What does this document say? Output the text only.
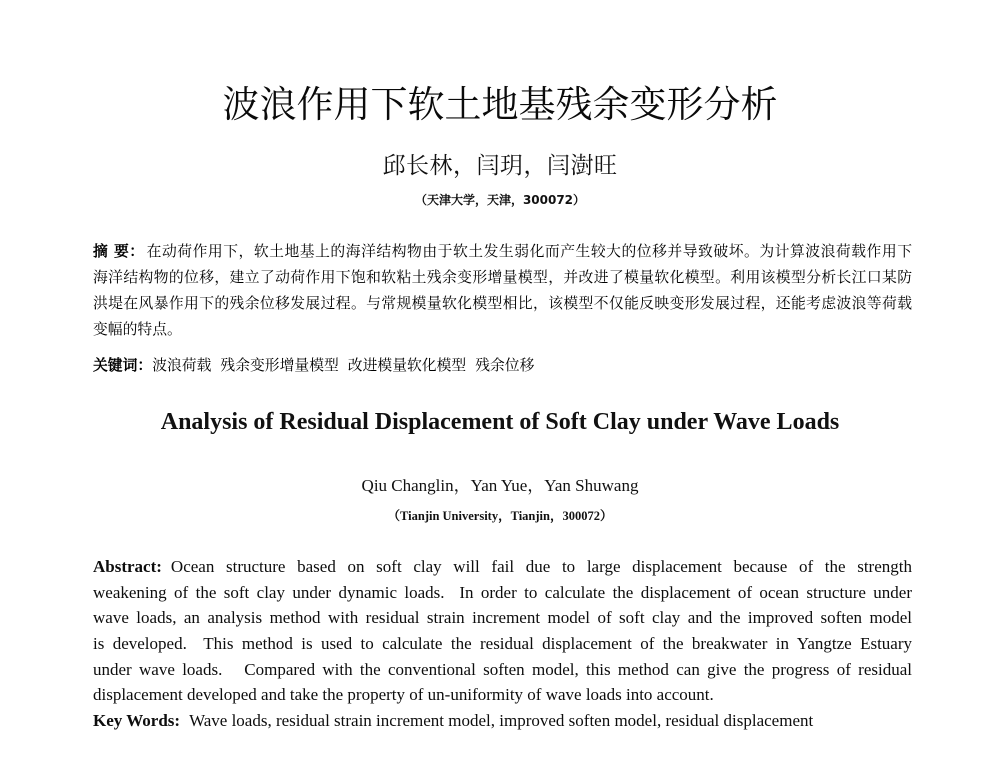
波浪作用下软土地基残余变形分析
邱长林，闫玥，闫澍旺
（天津大学，天津，300072）
摘 要： 在动荷作用下，软土地基上的海洋结构物由于软土发生弱化而产生较大的位移并导致破坏。为计算波浪荷载作用下
海洋结构物的位移，建立了动荷作用下饱和软粘土残余变形增量模型，并改进了模量软化模型。利用该模型分析长江口某防
洪堤在风暴作用下的残余位移发展过程。与常规模量软化模型相比，该模型不仅能反映变形发展过程，还能考虑波浪等荷载
变幅的特点。
关键词：波浪荷载 残余变形增量模型 改进模量软化模型 残余位移
Analysis of Residual Displacement of Soft Clay under Wave Loads
Qiu Changlin，Yan Yue，Yan Shuwang
（Tianjin University，Tianjin，300072）
Abstract: Ocean structure based on soft clay will fail due to large displacement because of the strength
weakening of the soft clay under dynamic loads.  In order to calculate the displacement of ocean structure under
wave loads, an analysis method with residual strain increment model of soft clay and the improved soften model
is developed.  This method is used to calculate the residual displacement of the breakwater in Yangtze Estuary
under wave loads.   Compared with the conventional soften model, this method can give the progress of residual
displacement developed and take the property of un-uniformity of wave loads into account.
Key Words: Wave loads, residual strain increment model, improved soften model, residual displacement
